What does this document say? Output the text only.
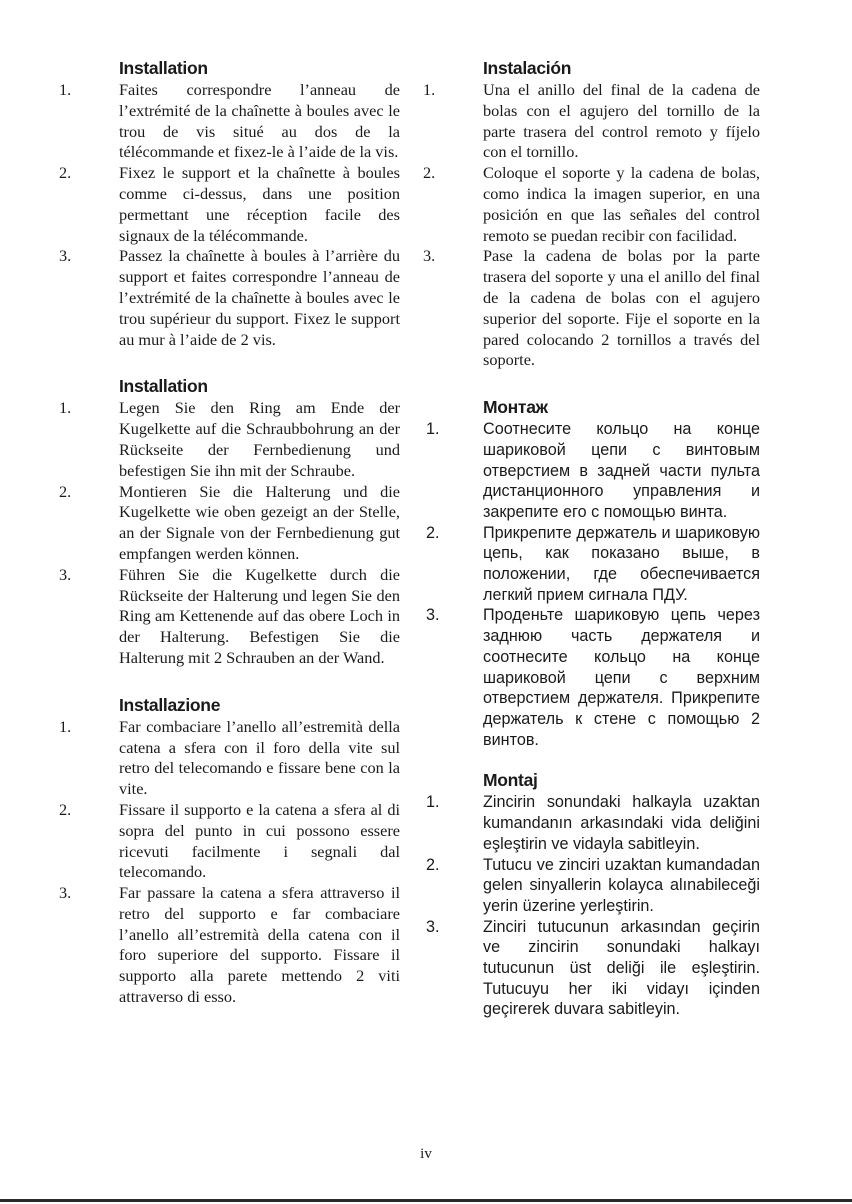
Installation
1.	Faites correspondre l’anneau de l’extrémité de la chaînette à boules avec le trou de vis situé au dos de la télécommande et fixez-le à l’aide de la vis.
2.	Fixez le support et la chaînette à boules comme ci-dessus, dans une position permettant une réception facile des signaux de la télécommande.
3.	Passez la chaînette à boules à l’arrière du support et faites correspondre l’anneau de l’extrémité de la chaînette à boules avec le trou supérieur du support. Fixez le support au mur à l’aide de 2 vis.
Installation
1.	Legen Sie den Ring am Ende der Kugelkette auf die Schraubbohrung an der Rückseite der Fernbedienung und befestigen Sie ihn mit der Schraube.
2.	Montieren Sie die Halterung und die Kugelkette wie oben gezeigt an der Stelle, an der Signale von der Fernbedienung gut empfangen werden können.
3.	Führen Sie die Kugelkette durch die Rückseite der Halterung und legen Sie den Ring am Kettenende auf das obere Loch in der Halterung. Befestigen Sie die Halterung mit 2 Schrauben an der Wand.
Installazione
1.	Far combaciare l’anello all’estremità della catena a sfera con il foro della vite sul retro del telecomando e fissare bene con la vite.
2.	Fissare il supporto e la catena a sfera al di sopra del punto in cui possono essere ricevuti facilmente i segnali dal telecomando.
3.	Far passare la catena a sfera attraverso il retro del supporto e far combaciare l’anello all’estremità della catena con il foro superiore del supporto. Fissare il supporto alla parete mettendo 2 viti attraverso di esso.
Instalación
1.	Una el anillo del final de la cadena de bolas con el agujero del tornillo de la parte trasera del control remoto y fíjelo con el tornillo.
2.	Coloque el soporte y la cadena de bolas, como indica la imagen superior, en una posición en que las señales del control remoto se puedan recibir con facilidad.
3.	Pase la cadena de bolas por la parte trasera del soporte y una el anillo del final de la cadena de bolas con el agujero superior del soporte. Fije el soporte en la pared colocando 2 tornillos a través del soporte.
Монтаж
1.	Соотнесите кольцо на конце шариковой цепи с винтовым отверстием в задней части пульта дистанционного управления и закрепите его с помощью винта.
2.	Прикрепите держатель и шариковую цепь, как показано выше, в положении, где обеспечивается легкий прием сигнала ПДУ.
3.	Проденьте шариковую цепь через заднюю часть держателя и соотнесите кольцо на конце шариковой цепи с верхним отверстием держателя. Прикрепите держатель к стене с помощью 2 винтов.
Montaj
1.	Zincirin sonundaki halkayla uzaktan kumandanın arkasındaki vida deliğini eşleştirin ve vidayla sabitleyin.
2.	Tutucu ve zinciri uzaktan kumandadan gelen sinyallerin kolayca alınabileceği yerin üzerine yerleştirin.
3.	Zinciri tutucunun arkasından geçirin ve zincirin sonundaki halkayı tutucunun üst deliği ile eşleştirin. Tutucuyu her iki vidayı içinden geçirerek duvara sabitleyin.
iv
